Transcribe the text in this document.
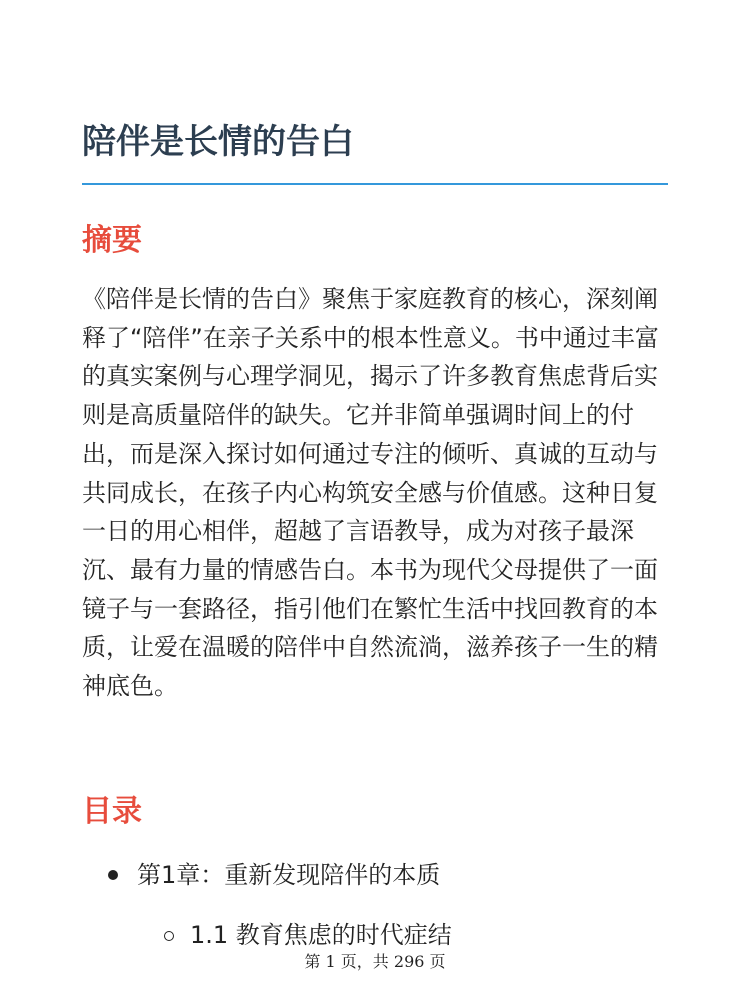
陪伴是长情的告白
摘要

《陪伴是长情的告白》聚焦于家庭教育的核心，深刻阐释了“陪伴”在亲子关系中的根本性意义。书中通过丰富的真实案例与心理学洞见，揭示了许多教育焦虑背后实则是高质量陪伴的缺失。它并非简单强调时间上的付出，而是深入探讨如何通过专注的倾听、真诚的互动与共同成长，在孩子内心构筑安全感与价值感。这种日复一日的用心相伴，超越了言语教导，成为对孩子最深沉、最有力量的情感告白。本书为现代父母提供了一面镜子与一套路径，指引他们在繁忙生活中找回教育的本质，让爱在温暖的陪伴中自然流淌，滋养孩子一生的精神底色。

目录
第1章：重新发现陪伴的本质
1.1 教育焦虑的时代症结
第 1 页，共 296 页
